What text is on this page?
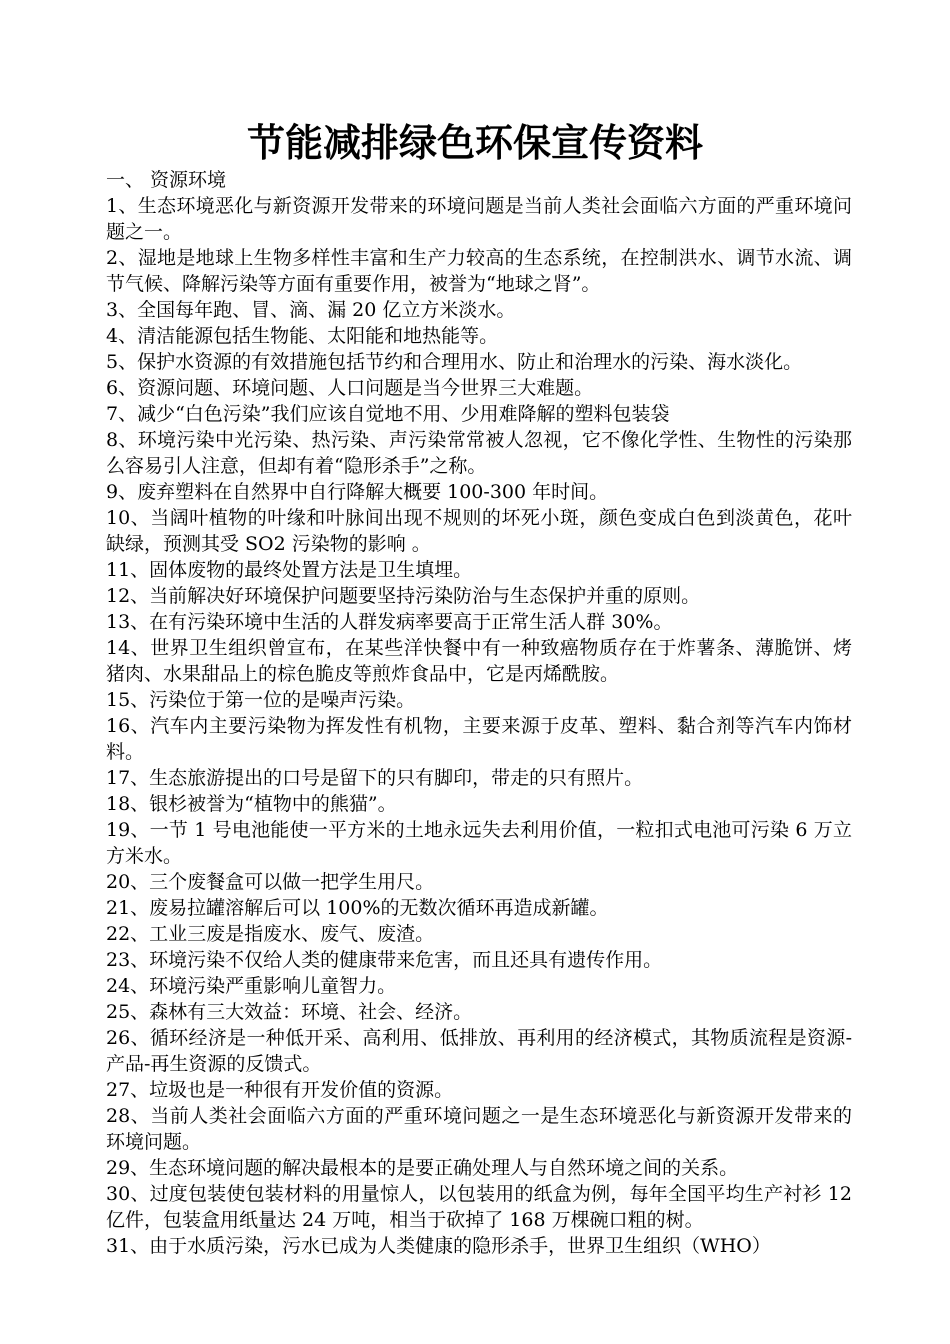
节能减排绿色环保宣传资料

一、 资源环境

1、生态环境恶化与新资源开发带来的环境问题是当前人类社会面临六方面的严重环境问题之一。

2、湿地是地球上生物多样性丰富和生产力较高的生态系统，在控制洪水、调节水流、调节气候、降解污染等方面有重要作用，被誉为“地球之肾”。

3、全国每年跑、冒、滴、漏 20 亿立方米淡水。

4、清洁能源包括生物能、太阳能和地热能等。

5、保护水资源的有效措施包括节约和合理用水、防止和治理水的污染、海水淡化。

6、资源问题、环境问题、人口问题是当今世界三大难题。

7、减少“白色污染”我们应该自觉地不用、少用难降解的塑料包装袋

8、环境污染中光污染、热污染、声污染常常被人忽视，它不像化学性、生物性的污染那么容易引人注意，但却有着“隐形杀手”之称。

9、废弃塑料在自然界中自行降解大概要 100-300 年时间。

10、当阔叶植物的叶缘和叶脉间出现不规则的坏死小斑，颜色变成白色到淡黄色，花叶缺绿，预测其受 SO2 污染物的影响 。

11、固体废物的最终处置方法是卫生填埋。

12、当前解决好环境保护问题要坚持污染防治与生态保护并重的原则。

13、在有污染环境中生活的人群发病率要高于正常生活人群 30%。

14、世界卫生组织曾宣布，在某些洋快餐中有一种致癌物质存在于炸薯条、薄脆饼、烤猪肉、水果甜品上的棕色脆皮等煎炸食品中，它是丙烯酰胺。

15、污染位于第一位的是噪声污染。

16、汽车内主要污染物为挥发性有机物，主要来源于皮革、塑料、黏合剂等汽车内饰材料。

17、生态旅游提出的口号是留下的只有脚印，带走的只有照片。

18、银杉被誉为“植物中的熊猫”。

19、一节 1 号电池能使一平方米的土地永远失去利用价值，一粒扣式电池可污染 6 万立方米水。

20、三个废餐盒可以做一把学生用尺。

21、废易拉罐溶解后可以 100%的无数次循环再造成新罐。

22、工业三废是指废水、废气、废渣。

23、环境污染不仅给人类的健康带来危害，而且还具有遗传作用。

24、环境污染严重影响儿童智力。

25、森林有三大效益：环境、社会、经济。

26、循环经济是一种低开采、高利用、低排放、再利用的经济模式，其物质流程是资源-产品-再生资源的反馈式。

27、垃圾也是一种很有开发价值的资源。

28、当前人类社会面临六方面的严重环境问题之一是生态环境恶化与新资源开发带来的环境问题。

29、生态环境问题的解决最根本的是要正确处理人与自然环境之间的关系。

30、过度包装使包装材料的用量惊人，以包装用的纸盒为例，每年全国平均生产衬衫 12 亿件，包装盒用纸量达 24 万吨，相当于砍掉了 168 万棵碗口粗的树。

31、由于水质污染，污水已成为人类健康的隐形杀手，世界卫生组织（WHO）
